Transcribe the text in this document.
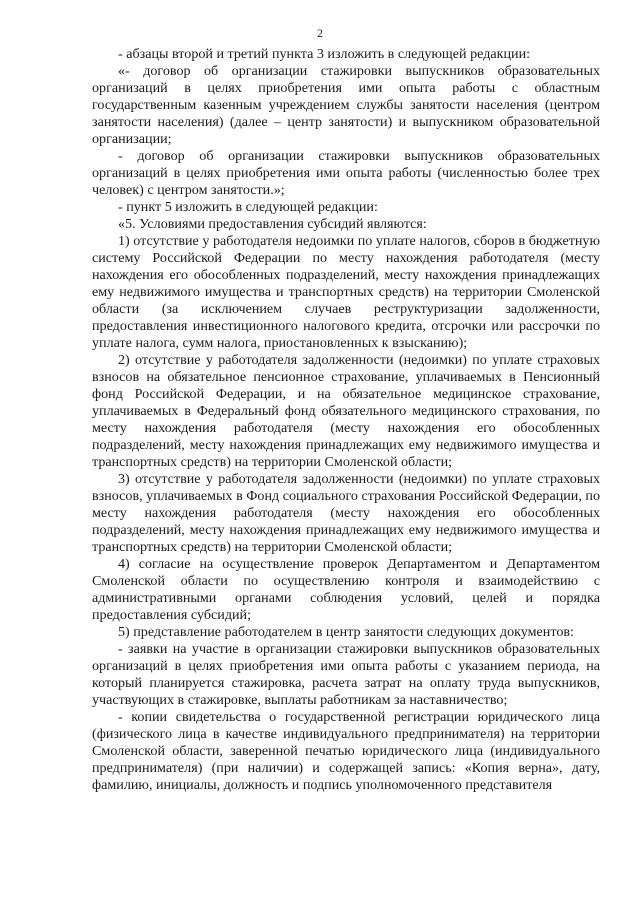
2

- абзацы второй и третий пункта 3 изложить в следующей редакции:

«- договор об организации стажировки выпускников образовательных организаций в целях приобретения ими опыта работы с областным государственным казенным учреждением службы занятости населения (центром занятости населения) (далее – центр занятости) и выпускником образовательной организации;

- договор об организации стажировки выпускников образовательных организаций в целях приобретения ими опыта работы (численностью более трех человек) с центром занятости.»;

- пункт 5 изложить в следующей редакции:

«5. Условиями предоставления субсидий являются:

1) отсутствие у работодателя недоимки по уплате налогов, сборов в бюджетную систему Российской Федерации по месту нахождения работодателя (месту нахождения его обособленных подразделений, месту нахождения принадлежащих ему недвижимого имущества и транспортных средств) на территории Смоленской области (за исключением случаев реструктуризации задолженности, предоставления инвестиционного налогового кредита, отсрочки или рассрочки по уплате налога, сумм налога, приостановленных к взысканию);

2) отсутствие у работодателя задолженности (недоимки) по уплате страховых взносов на обязательное пенсионное страхование, уплачиваемых в Пенсионный фонд Российской Федерации, и на обязательное медицинское страхование, уплачиваемых в Федеральный фонд обязательного медицинского страхования, по месту нахождения работодателя (месту нахождения его обособленных подразделений, месту нахождения принадлежащих ему недвижимого имущества и транспортных средств) на территории Смоленской области;

3) отсутствие у работодателя задолженности (недоимки) по уплате страховых взносов, уплачиваемых в Фонд социального страхования Российской Федерации, по месту нахождения работодателя (месту нахождения его обособленных подразделений, месту нахождения принадлежащих ему недвижимого имущества и транспортных средств) на территории Смоленской области;

4) согласие на осуществление проверок Департаментом и Департаментом Смоленской области по осуществлению контроля и взаимодействию с административными органами соблюдения условий, целей и порядка предоставления субсидий;

5) представление работодателем в центр занятости следующих документов:

- заявки на участие в организации стажировки выпускников образовательных организаций в целях приобретения ими опыта работы с указанием периода, на который планируется стажировка, расчета затрат на оплату труда выпускников, участвующих в стажировке, выплаты работникам за наставничество;

- копии свидетельства о государственной регистрации юридического лица (физического лица в качестве индивидуального предпринимателя) на территории Смоленской области, заверенной печатью юридического лица (индивидуального предпринимателя) (при наличии) и содержащей запись: «Копия верна», дату, фамилию, инициалы, должность и подпись уполномоченного представителя
